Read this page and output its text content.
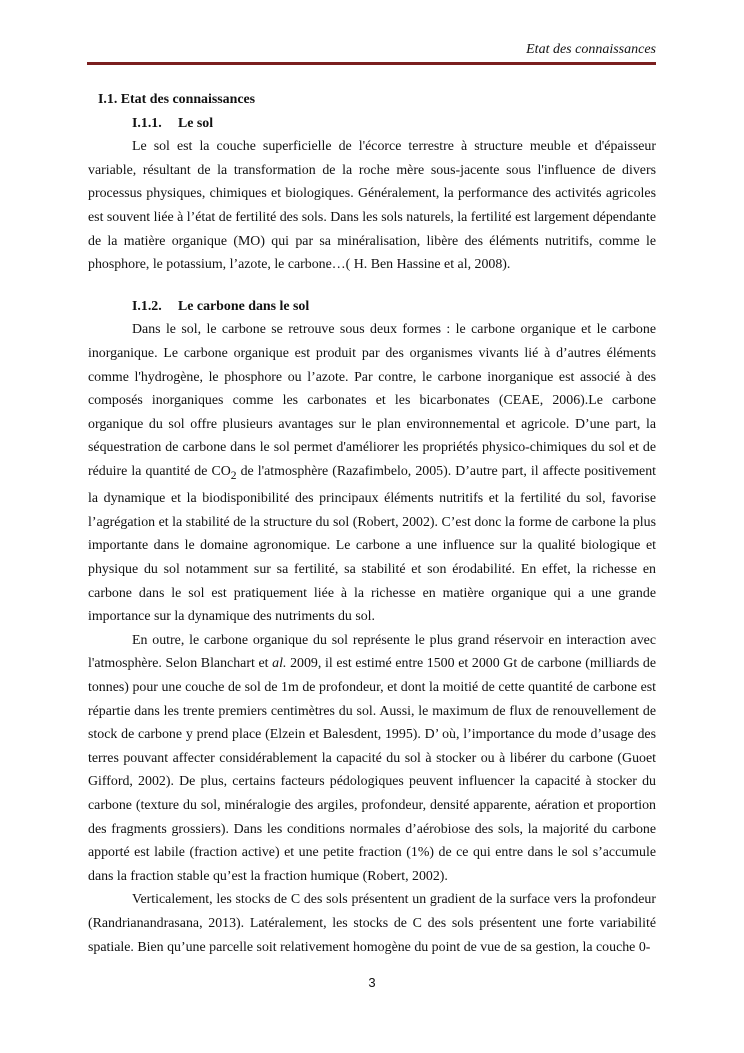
Etat des connaissances
I.1. Etat des connaissances
I.1.1. Le sol

Le sol est la couche superficielle de l'écorce terrestre à structure meuble et d'épaisseur variable, résultant de la transformation de la roche mère sous-jacente sous l'influence de divers processus physiques, chimiques et biologiques. Généralement, la performance des activités agricoles est souvent liée à l’état de fertilité des sols. Dans les sols naturels, la fertilité est largement dépendante de la matière organique (MO) qui par sa minéralisation, libère des éléments nutritifs, comme le phosphore, le potassium, l’azote, le carbone…( H. Ben Hassine et al, 2008).

I.1.2. Le carbone dans le sol

Dans le sol, le carbone se retrouve sous deux formes : le carbone organique et le carbone inorganique. Le carbone organique est produit par des organismes vivants lié à d’autres éléments comme l'hydrogène, le phosphore ou l’azote. Par contre, le carbone inorganique est associé à des composés inorganiques comme les carbonates et les bicarbonates (CEAE, 2006).Le carbone organique du sol offre plusieurs avantages sur le plan environnemental et agricole. D’une part, la séquestration de carbone dans le sol permet d'améliorer les propriétés physico-chimiques du sol et de réduire la quantité de $CO_2$ de l'atmosphère (Razafimbelo, 2005). D’autre part, il affecte positivement la dynamique et la biodisponibilité des principaux éléments nutritifs et la fertilité du sol, favorise l’agrégation et la stabilité de la structure du sol (Robert, 2002). C’est donc la forme de carbone la plus importante dans le domaine agronomique. Le carbone a une influence sur la qualité biologique et physique du sol notamment sur sa fertilité, sa stabilité et son érodabilité. En effet, la richesse en carbone dans le sol est pratiquement liée à la richesse en matière organique qui a une grande importance sur la dynamique des nutriments du sol.

En outre, le carbone organique du sol représente le plus grand réservoir en interaction avec l'atmosphère. Selon Blanchart et al. 2009, il est estimé entre 1500 et 2000 Gt de carbone (milliards de tonnes) pour une couche de sol de 1m de profondeur, et dont la moitié de cette quantité de carbone est répartie dans les trente premiers centimètres du sol. Aussi, le maximum de flux de renouvellement de stock de carbone y prend place (Elzein et Balesdent, 1995). D’ où, l’importance du mode d’usage des terres pouvant affecter considérablement la capacité du sol à stocker ou à libérer du carbone (Guoet Gifford, 2002). De plus, certains facteurs pédologiques peuvent influencer la capacité à stocker du carbone (texture du sol, minéralogie des argiles, profondeur, densité apparente, aération et proportion des fragments grossiers). Dans les conditions normales d’aérobiose des sols, la majorité du carbone apporté est labile (fraction active) et une petite fraction (1%) de ce qui entre dans le sol s’accumule dans la fraction stable qu’est la fraction humique (Robert, 2002).

Verticalement, les stocks de C des sols présentent un gradient de la surface vers la profondeur (Randrianandrasana, 2013). Latéralement, les stocks de C des sols présentent une forte variabilité spatiale. Bien qu’une parcelle soit relativement homogène du point de vue de sa gestion, la couche 0-

3
